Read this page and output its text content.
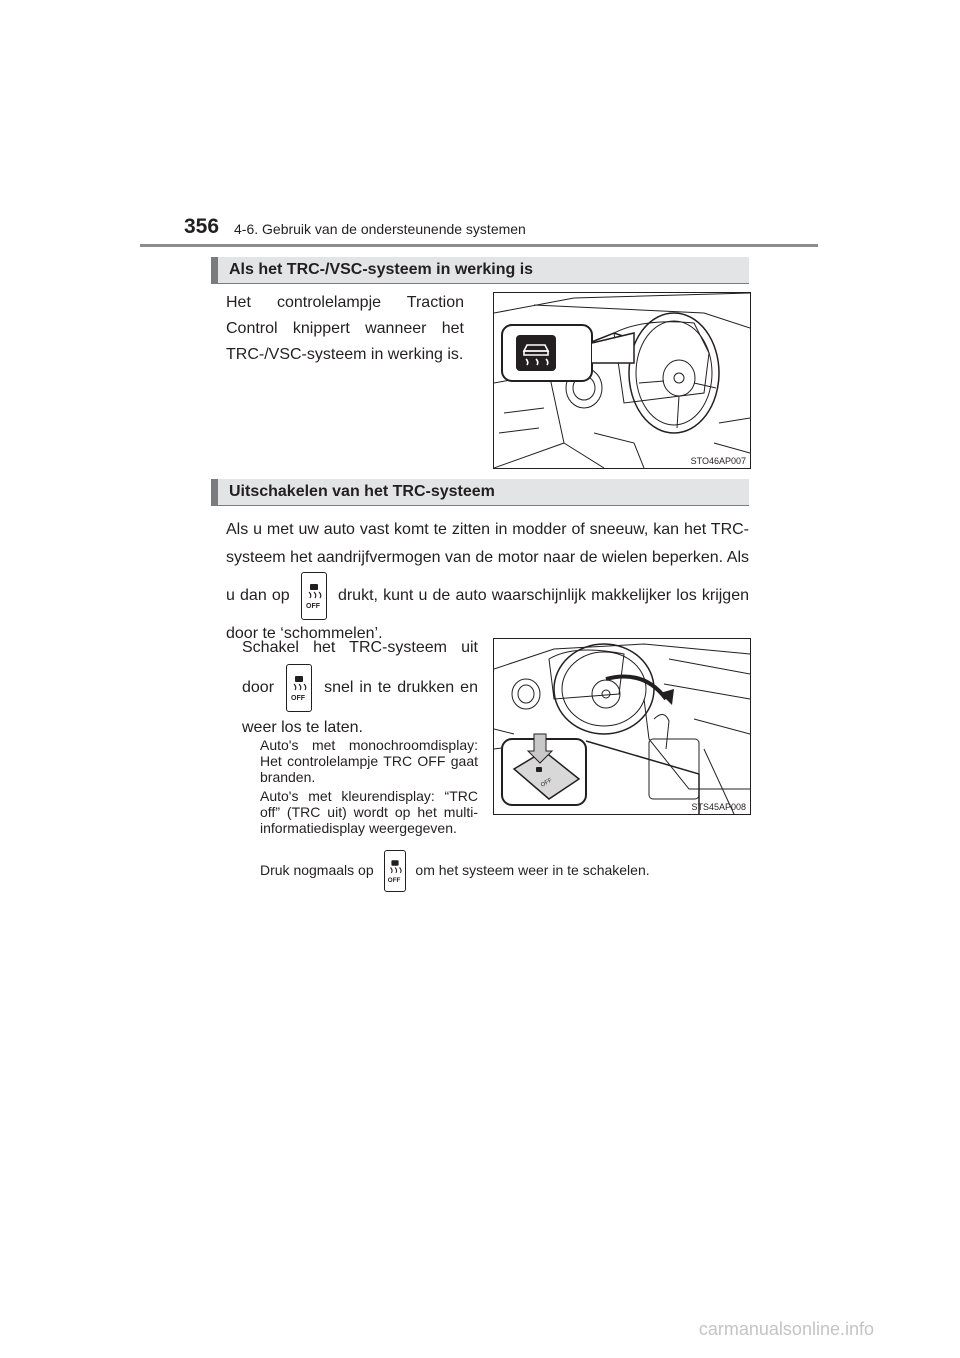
356 4-6. Gebruik van de ondersteunende systemen
Als het TRC-/VSC-systeem in werking is
Het controlelampje Traction Control knippert wanneer het TRC-/VSC-systeem in werking is.
STO46AP007
Uitschakelen van het TRC-systeem
Als u met uw auto vast komt te zitten in modder of sneeuw, kan het TRC-systeem het aandrijfvermogen van de motor naar de wielen beperken. Als u dan op
OFF
drukt, kunt u de auto waarschijnlijk makkelijker los krijgen door te ‘schommelen’.
Schakel het TRC-systeem uit door
OFF
snel in te drukken en weer los te laten.
Auto's met monochroomdisplay: Het controlelampje TRC OFF gaat branden.
Auto's met kleurendisplay: “TRC off” (TRC uit) wordt op het multi-informatiedisplay weergegeven.
OFF
STS45AP008
Druk nogmaals op
OFF
om het systeem weer in te schakelen.
carmanualsonline.info
